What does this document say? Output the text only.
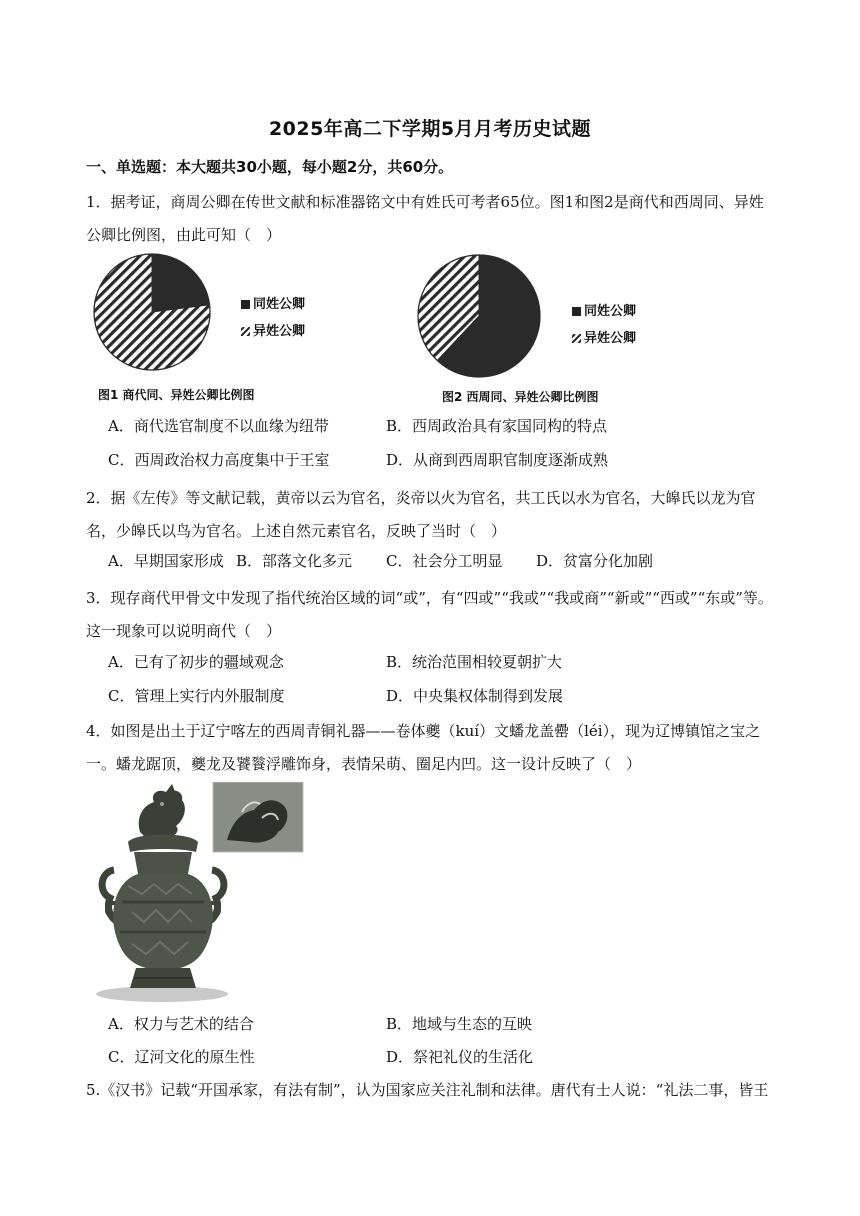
2025年高二下学期5月月考历史试题
一、单选题：本大题共30小题，每小题2分，共60分。

1．据考证，商周公卿在传世文献和标准器铭文中有姓氏可考者65位。图1和图2是商代和西周同、异姓公卿比例图，由此可知（　）

同姓公卿
异姓公卿
图1 商代同、异姓公卿比例图
同姓公卿
异姓公卿
图2 西周同、异姓公卿比例图
A．商代选官制度不以血缘为纽带	B．西周政治具有家国同构的特点
C．西周政治权力高度集中于王室	D．从商到西周职官制度逐渐成熟

2．据《左传》等文献记载，黄帝以云为官名，炎帝以火为官名，共工氏以水为官名，大皞氏以龙为官名，少皞氏以鸟为官名。上述自然元素官名，反映了当时（　）

A．早期国家形成 B．部落文化多元 C．社会分工明显 D．贫富分化加剧

3．现存商代甲骨文中发现了指代统治区域的词“或”，有“四或”“我或”“我或商”“新或”“西或”“东或”等。这一现象可以说明商代（　）

A．已有了初步的疆域观念	B．统治范围相较夏朝扩大
C．管理上实行内外服制度	D．中央集权体制得到发展

4．如图是出土于辽宁喀左的西周青铜礼器——卷体夔（kuí）文蟠龙盖罍（léi），现为辽博镇馆之宝之一。蟠龙踞顶，夔龙及饕餮浮雕饰身，表情呆萌、圈足内凹。这一设计反映了（　）

A．权力与艺术的结合	B．地域与生态的互映
C．辽河文化的原生性	D．祭祀礼仪的生活化

5.《汉书》记载“开国承家，有法有制”，认为国家应关注礼制和法律。唐代有士人说：“礼法二事，皆王
